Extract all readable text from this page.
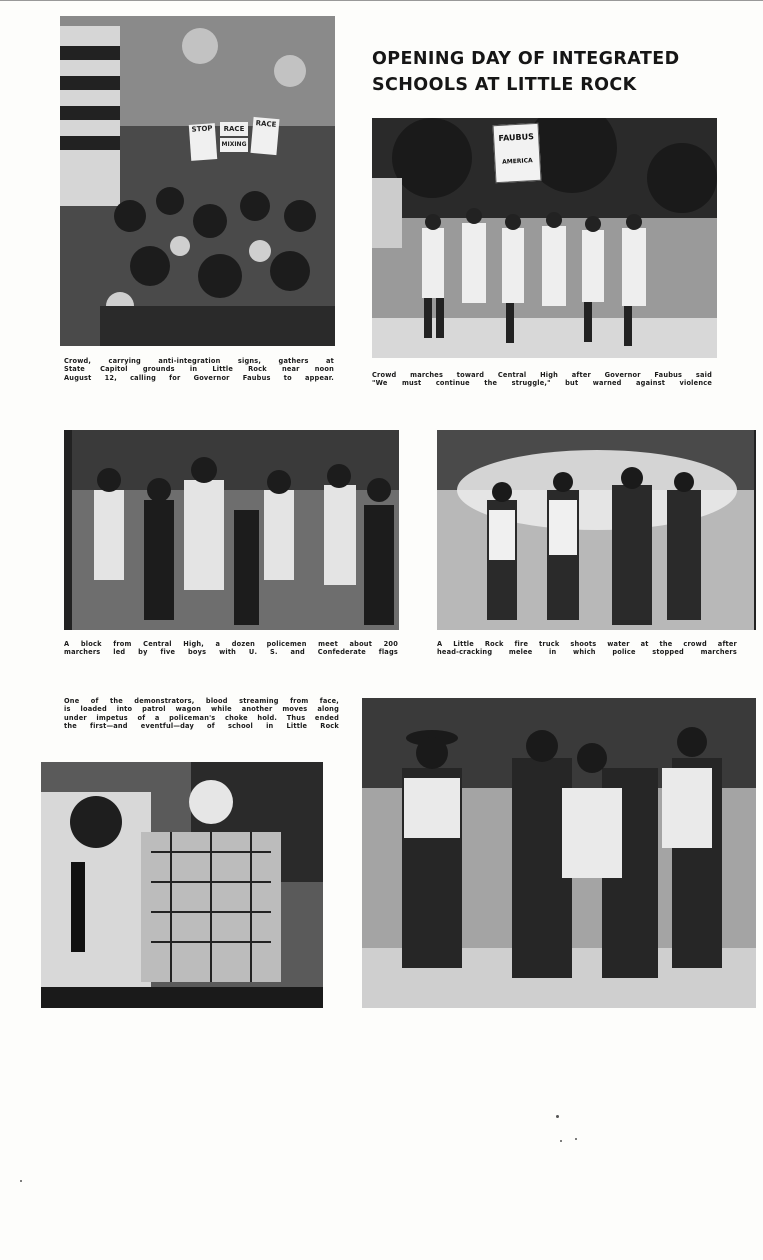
OPENING DAY OF INTEGRATED
SCHOOLS AT LITTLE ROCK
STOP	RACE
MIXING
RACE
Crowd, carrying anti-integration signs, gathers at
State Capitol grounds in Little Rock near noon
August 12, calling for Governor Faubus to appear.
FAUBUS
AMERICA
Crowd marches toward Central High after Governor Faubus said
"We must continue the struggle," but warned against violence
A block from Central High, a dozen policemen meet about 200
marchers led by five boys with U. S. and Confederate flags
A Little Rock fire truck shoots water at the crowd after
head-cracking melee in which police stopped marchers
One of the demonstrators, blood streaming from face,
is loaded into patrol wagon while another moves along
under impetus of a policeman's choke hold. Thus ended
the first—and eventful—day of school in Little Rock
